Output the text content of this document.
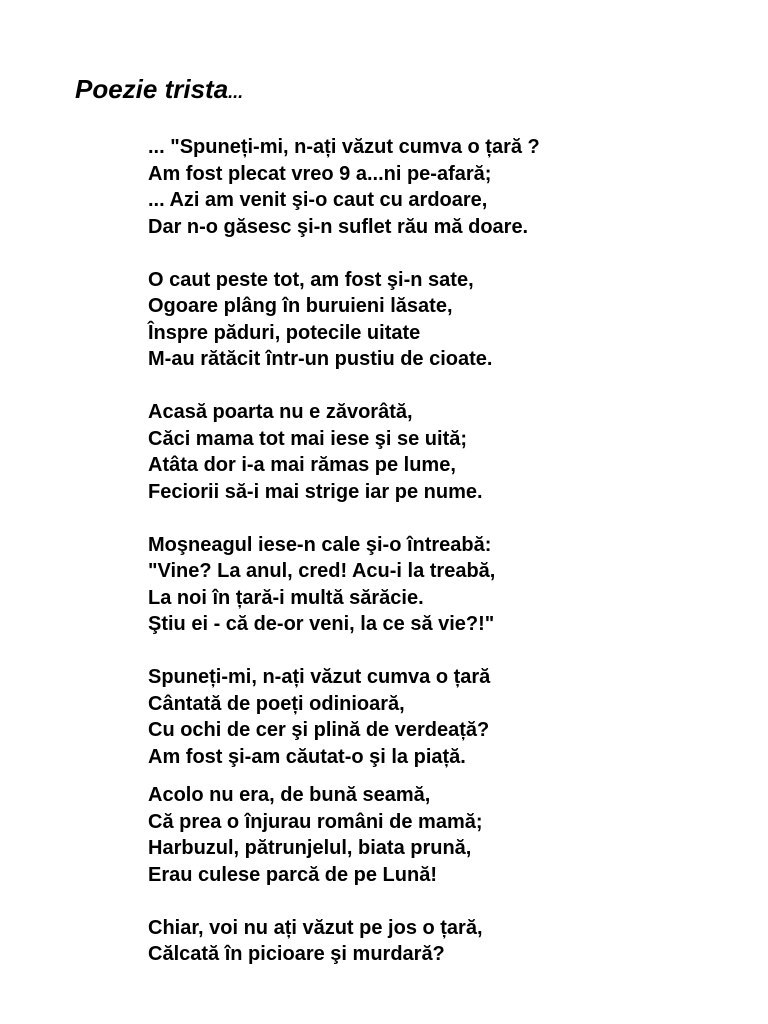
Poezie trista...

... "Spuneți-mi, n-ați văzut cumva o țară ?
Am fost plecat vreo 9 a...ni pe-afară;
... Azi am venit şi-o caut cu ardoare,
Dar n-o găsesc şi-n suflet rău mă doare.

O caut peste tot, am fost şi-n sate,
Ogoare plâng în buruieni lăsate,
Înspre păduri, potecile uitate
M-au rătăcit într-un pustiu de cioate.

Acasă poarta nu e zăvorâtă,
Căci mama tot mai iese şi se uită;
Atâta dor i-a mai rămas pe lume,
Feciorii să-i mai strige iar pe nume.

Moşneagul iese-n cale şi-o întreabă:
"Vine? La anul, cred! Acu-i la treabă,
La noi în țară-i multă sărăcie.
Ştiu ei - că de-or veni, la ce să vie?!"

Spuneți-mi, n-ați văzut cumva o țară
Cântată de poeți odinioară,
Cu ochi de cer şi plină de verdeață?
Am fost şi-am căutat-o şi la piață.

Acolo nu era, de bună seamă,
Că prea o înjurau români de mamă;
Harbuzul, pătrunjelul, biata prună,
Erau culese parcă de pe Lună!

Chiar, voi nu ați văzut pe jos o țară,
Călcată în picioare şi murdară?
